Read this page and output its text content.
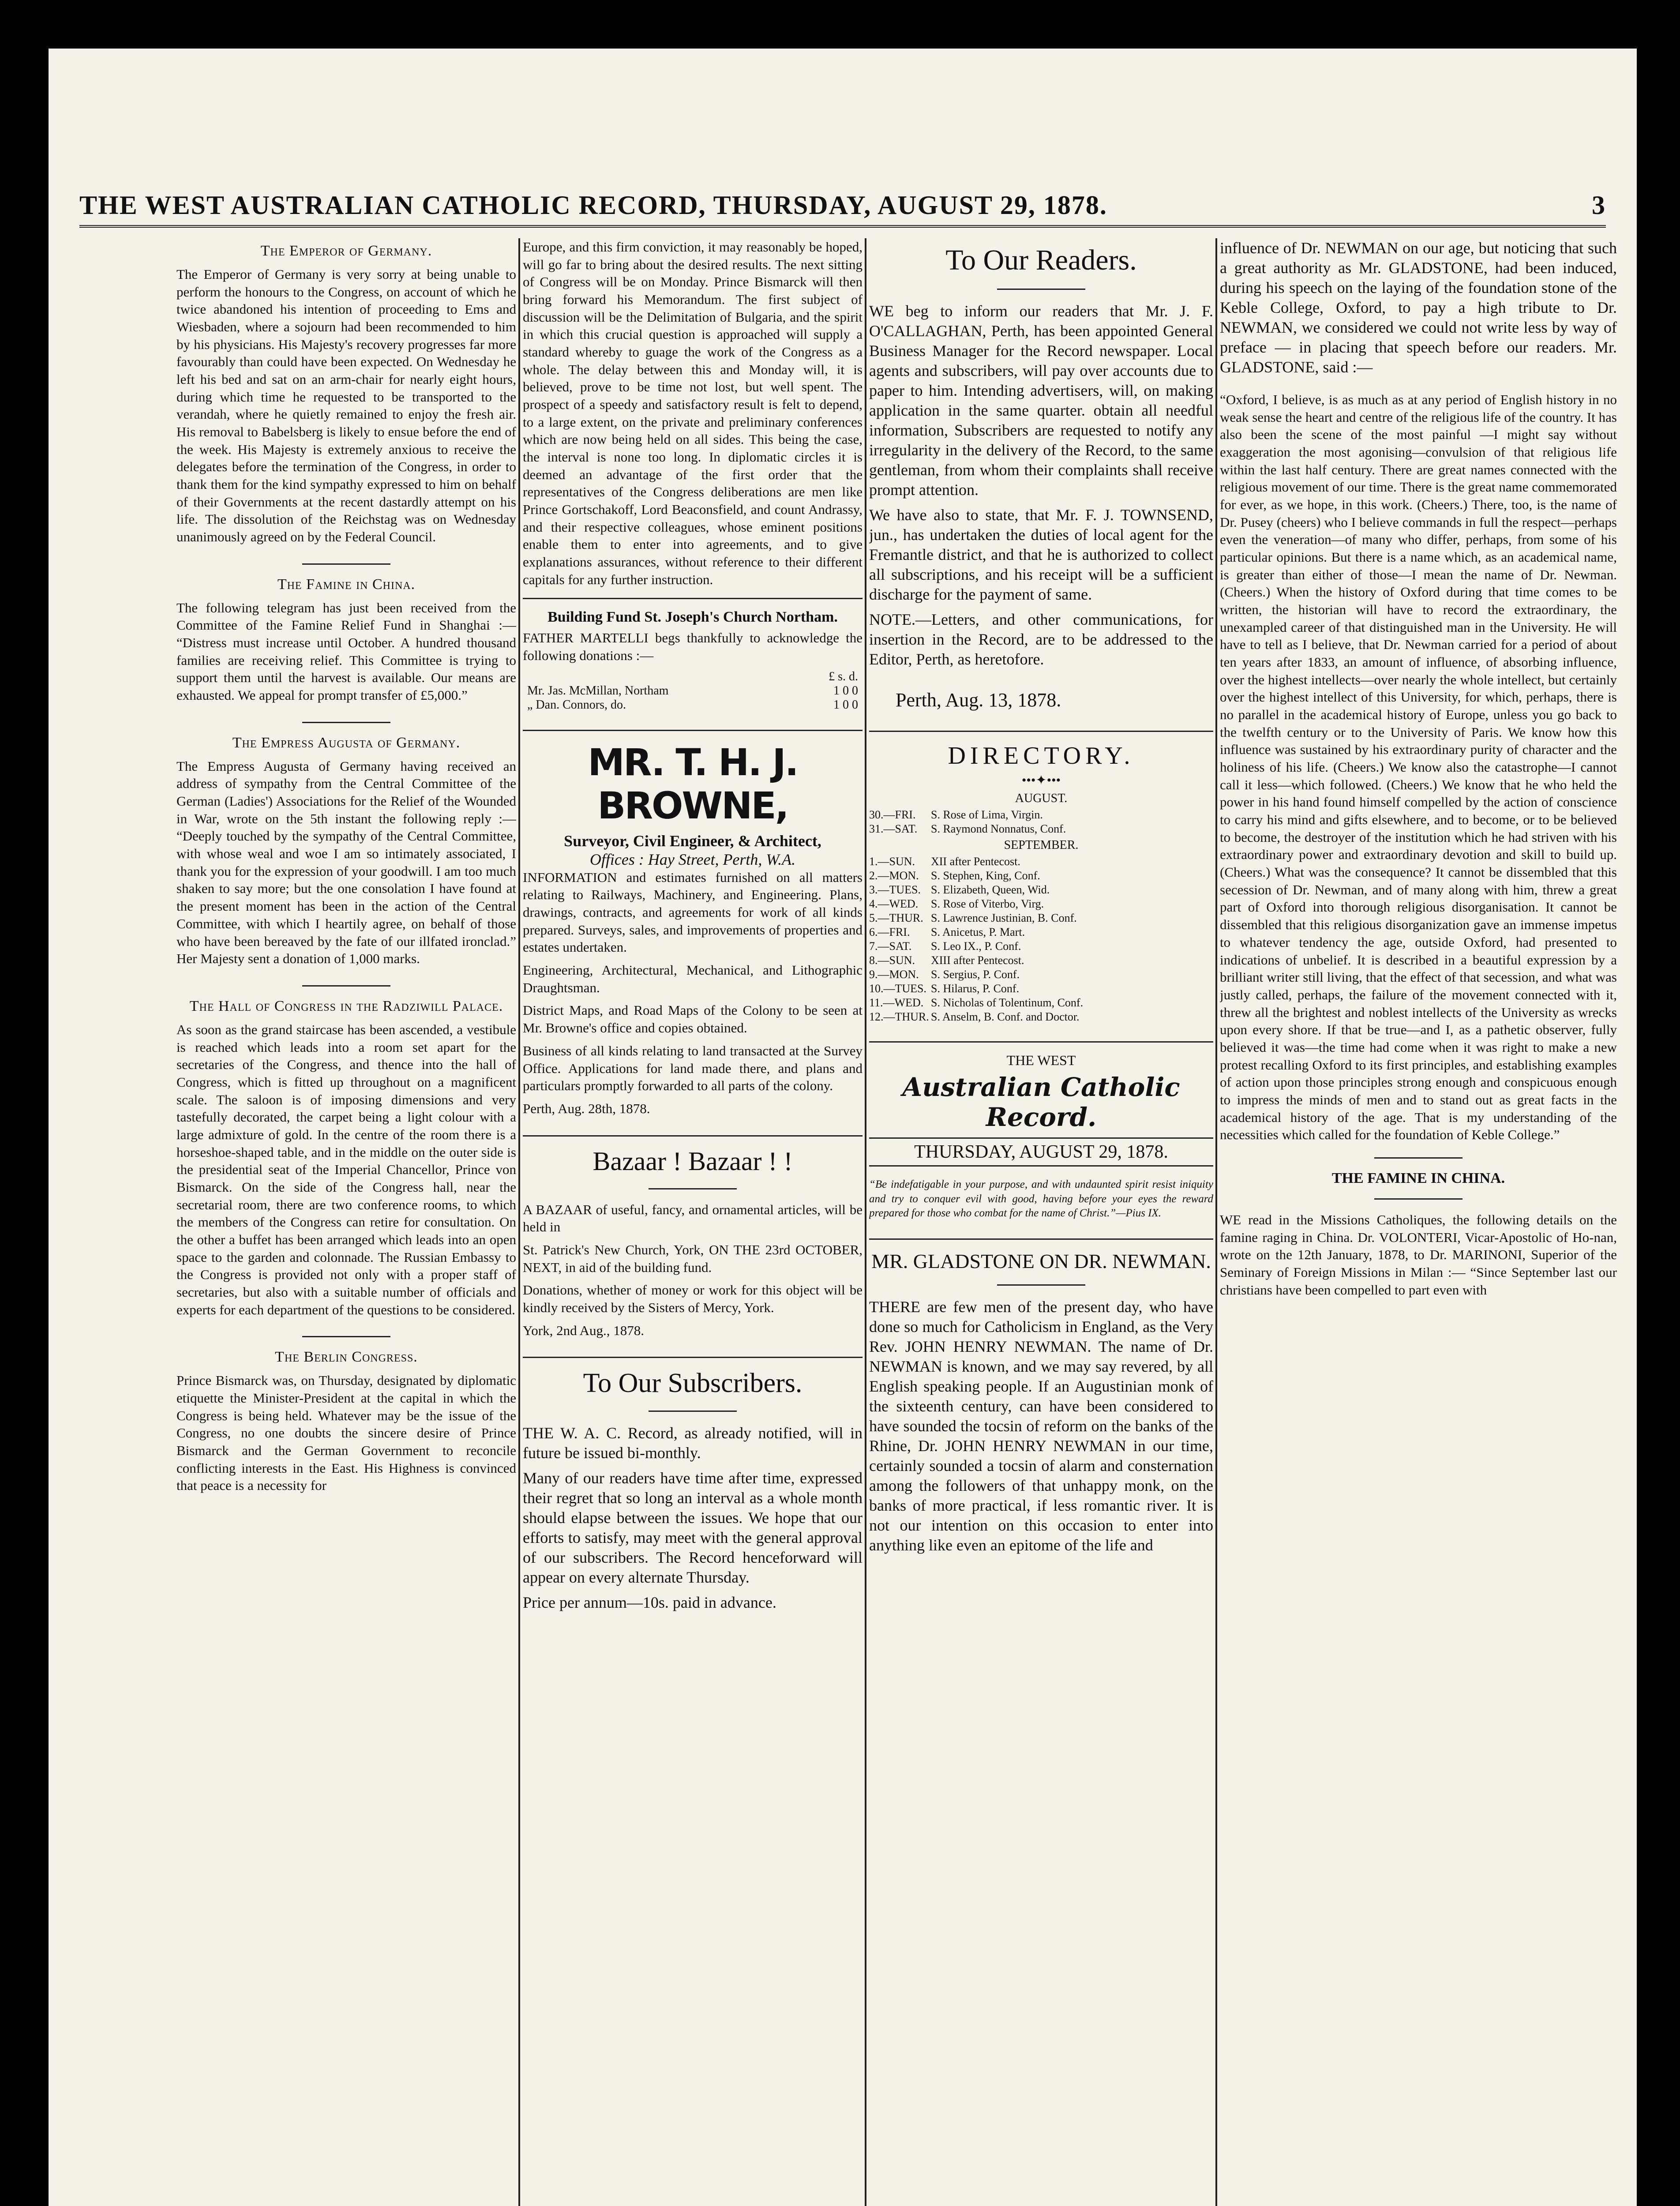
THE WEST AUSTRALIAN CATHOLIC RECORD, THURSDAY, AUGUST 29, 1878.	3
The Emperor of Germany.

The Emperor of Germany is very sorry at being unable to perform the honours to the Congress, on account of which he twice abandoned his intention of proceeding to Ems and Wiesbaden, where a sojourn had been recommended to him by his physicians. His Majesty's recovery progresses far more favourably than could have been expected. On Wednesday he left his bed and sat on an arm-chair for nearly eight hours, during which time he requested to be transported to the verandah, where he quietly remained to enjoy the fresh air. His removal to Babelsberg is likely to ensue before the end of the week. His Majesty is extremely anxious to receive the delegates before the termination of the Congress, in order to thank them for the kind sympathy expressed to him on behalf of their Governments at the recent dastardly attempt on his life. The dissolution of the Reichstag was on Wednesday unanimously agreed on by the Federal Council.

The Famine in China.

The following telegram has just been received from the Committee of the Famine Relief Fund in Shanghai :— “Distress must increase until October. A hundred thousand families are receiving relief. This Committee is trying to support them until the harvest is available. Our means are exhausted. We appeal for prompt transfer of £5,000.”

The Empress Augusta of Germany.

The Empress Augusta of Germany having received an address of sympathy from the Central Committee of the German (Ladies') Associations for the Relief of the Wounded in War, wrote on the 5th instant the following reply :— “Deeply touched by the sympathy of the Central Committee, with whose weal and woe I am so intimately associated, I thank you for the expression of your goodwill. I am too much shaken to say more; but the one consolation I have found at the present moment has been in the action of the Central Committee, with which I heartily agree, on behalf of those who have been bereaved by the fate of our illfated ironclad.” Her Majesty sent a donation of 1,000 marks.

The Hall of Congress in the Radziwill Palace.

As soon as the grand staircase has been ascended, a vestibule is reached which leads into a room set apart for the secretaries of the Congress, and thence into the hall of Congress, which is fitted up throughout on a magnificent scale. The saloon is of imposing dimensions and very tastefully decorated, the carpet being a light colour with a large admixture of gold. In the centre of the room there is a horseshoe-shaped table, and in the middle on the outer side is the presidential seat of the Imperial Chancellor, Prince von Bismarck. On the side of the Congress hall, near the secretarial room, there are two conference rooms, to which the members of the Congress can retire for consultation. On the other a buffet has been arranged which leads into an open space to the garden and colonnade. The Russian Embassy to the Congress is provided not only with a proper staff of secretaries, but also with a suitable number of officials and experts for each department of the questions to be considered.

The Berlin Congress.

Prince Bismarck was, on Thursday, designated by diplomatic etiquette the Minister-President at the capital in which the Congress is being held. Whatever may be the issue of the Congress, no one doubts the sincere desire of Prince Bismarck and the German Government to reconcile conflicting interests in the East. His Highness is convinced that peace is a necessity for

Europe, and this firm conviction, it may reasonably be hoped, will go far to bring about the desired results. The next sitting of Congress will be on Monday. Prince Bismarck will then bring forward his Memorandum. The first subject of discussion will be the Delimitation of Bulgaria, and the spirit in which this crucial question is approached will supply a standard whereby to guage the work of the Congress as a whole. The delay between this and Monday will, it is believed, prove to be time not lost, but well spent. The prospect of a speedy and satisfactory result is felt to depend, to a large extent, on the private and preliminary conferences which are now being held on all sides. This being the case, the interval is none too long. In diplomatic circles it is deemed an advantage of the first order that the representatives of the Congress deliberations are men like Prince Gortschakoff, Lord Beaconsfield, and count Andrassy, and their respective colleagues, whose eminent positions enable them to enter into agreements, and to give explanations assurances, without reference to their different capitals for any further instruction.

Building Fund St. Joseph's Church Northam.

FATHER MARTELLI begs thankfully to acknowledge the following donations :—

£ s. d.
Mr. Jas. McMillan, Northam	1 0 0
„ Dan. Connors, do.	1 0 0
MR. T. H. J. BROWNE,
Surveyor, Civil Engineer, & Architect,
Offices : Hay Street, Perth, W.A.

INFORMATION and estimates furnished on all matters relating to Railways, Machinery, and Engineering. Plans, drawings, contracts, and agreements for work of all kinds prepared. Surveys, sales, and improvements of properties and estates undertaken.

Engineering, Architectural, Mechanical, and Lithographic Draughtsman.

District Maps, and Road Maps of the Colony to be seen at Mr. Browne's office and copies obtained.

Business of all kinds relating to land transacted at the Survey Office. Applications for land made there, and plans and particulars promptly forwarded to all parts of the colony.

Perth, Aug. 28th, 1878.

Bazaar ! Bazaar ! !

A BAZAAR of useful, fancy, and ornamental articles, will be held in

St. Patrick's New Church, York, ON THE 23rd OCTOBER, NEXT, in aid of the building fund.

Donations, whether of money or work for this object will be kindly received by the Sisters of Mercy, York.

York, 2nd Aug., 1878.

To Our Subscribers.

THE W. A. C. Record, as already notified, will in future be issued bi-monthly.

Many of our readers have time after time, expressed their regret that so long an interval as a whole month should elapse between the issues. We hope that our efforts to satisfy, may meet with the general approval of our subscribers. The Record henceforward will appear on every alternate Thursday.

Price per annum—10s. paid in advance.

To Our Readers.

WE beg to inform our readers that Mr. J. F. O'CALLAGHAN, Perth, has been appointed General Business Manager for the Record newspaper. Local agents and subscribers, will pay over accounts due to paper to him. Intending advertisers, will, on making application in the same quarter. obtain all needful information, Subscribers are requested to notify any irregularity in the delivery of the Record, to the same gentleman, from whom their complaints shall receive prompt attention.

We have also to state, that Mr. F. J. TOWNSEND, jun., has undertaken the duties of local agent for the Fremantle district, and that he is authorized to collect all subscriptions, and his receipt will be a sufficient discharge for the payment of same.

NOTE.—Letters, and other communications, for insertion in the Record, are to be addressed to the Editor, Perth, as heretofore.

Perth, Aug. 13, 1878.

DIRECTORY.
•••✦•••
AUGUST.
30.—FRI.	S. Rose of Lima, Virgin.
31.—SAT.	S. Raymond Nonnatus, Conf.
SEPTEMBER.
1.—SUN.	XII after Pentecost.
2.—MON.	S. Stephen, King, Conf.
3.—TUES. S. Elizabeth, Queen, Wid.
4.—WED.	S. Rose of Viterbo, Virg.
5.—THUR. S. Lawrence Justinian, B. Conf.
6.—FRI.	S. Anicetus, P. Mart.
7.—SAT.	S. Leo IX., P. Conf.
8.—SUN.	XIII after Pentecost.
9.—MON.	S. Sergius, P. Conf.
10.—TUES. S. Hilarus, P. Conf.
11.—WED. S. Nicholas of Tolentinum, Conf.
12.—THUR. S. Anselm, B. Conf. and Doctor.
THE WEST
Australian Catholic Record.
THURSDAY, AUGUST 29, 1878.

“Be indefatigable in your purpose, and with undaunted spirit resist iniquity and try to conquer evil with good, having before your eyes the reward prepared for those who combat for the name of Christ.”—Pius IX.

MR. GLADSTONE ON DR. NEWMAN.

THERE are few men of the present day, who have done so much for Catholicism in England, as the Very Rev. JOHN HENRY NEWMAN. The name of Dr. NEWMAN is known, and we may say revered, by all English speaking people. If an Augustinian monk of the sixteenth century, can have been considered to have sounded the tocsin of reform on the banks of the Rhine, Dr. JOHN HENRY NEWMAN in our time, certainly sounded a tocsin of alarm and consternation among the followers of that unhappy monk, on the banks of more practical, if less romantic river. It is not our intention on this occasion to enter into anything like even an epitome of the life and

influence of Dr. NEWMAN on our age, but noticing that such a great authority as Mr. GLADSTONE, had been induced, during his speech on the laying of the foundation stone of the Keble College, Oxford, to pay a high tribute to Dr. NEWMAN, we considered we could not write less by way of preface — in placing that speech before our readers. Mr. GLADSTONE, said :—

“Oxford, I believe, is as much as at any period of English history in no weak sense the heart and centre of the religious life of the country. It has also been the scene of the most painful —I might say without exaggeration the most agonising—convulsion of that religious life within the last half century. There are great names connected with the religious movement of our time. There is the great name commemorated for ever, as we hope, in this work. (Cheers.) There, too, is the name of Dr. Pusey (cheers) who I believe commands in full the respect—perhaps even the veneration—of many who differ, perhaps, from some of his particular opinions. But there is a name which, as an academical name, is greater than either of those—I mean the name of Dr. Newman. (Cheers.) When the history of Oxford during that time comes to be written, the historian will have to record the extraordinary, the unexampled career of that distinguished man in the University. He will have to tell as I believe, that Dr. Newman carried for a period of about ten years after 1833, an amount of influence, of absorbing influence, over the highest intellects—over nearly the whole intellect, but certainly over the highest intellect of this University, for which, perhaps, there is no parallel in the academical history of Europe, unless you go back to the twelfth century or to the University of Paris. We know how this influence was sustained by his extraordinary purity of character and the holiness of his life. (Cheers.) We know also the catastrophe—I cannot call it less—which followed. (Cheers.) We know that he who held the power in his hand found himself compelled by the action of conscience to carry his mind and gifts elsewhere, and to become, or to be believed to become, the destroyer of the institution which he had striven with his extraordinary power and extraordinary devotion and skill to build up. (Cheers.) What was the consequence? It cannot be dissembled that this secession of Dr. Newman, and of many along with him, threw a great part of Oxford into thorough religious disorganisation. It cannot be dissembled that this religious disorganization gave an immense impetus to whatever tendency the age, outside Oxford, had presented to indications of unbelief. It is described in a beautiful expression by a brilliant writer still living, that the effect of that secession, and what was justly called, perhaps, the failure of the movement connected with it, threw all the brightest and noblest intellects of the University as wrecks upon every shore. If that be true—and I, as a pathetic observer, fully believed it was—the time had come when it was right to make a new protest recalling Oxford to its first principles, and establishing examples of action upon those principles strong enough and conspicuous enough to impress the minds of men and to stand out as great facts in the academical history of the age. That is my understanding of the necessities which called for the foundation of Keble College.”

THE FAMINE IN CHINA.

WE read in the Missions Catholiques, the following details on the famine raging in China. Dr. VOLONTERI, Vicar-Apostolic of Ho-nan, wrote on the 12th January, 1878, to Dr. MARINONI, Superior of the Seminary of Foreign Missions in Milan :— “Since September last our christians have been compelled to part even with
